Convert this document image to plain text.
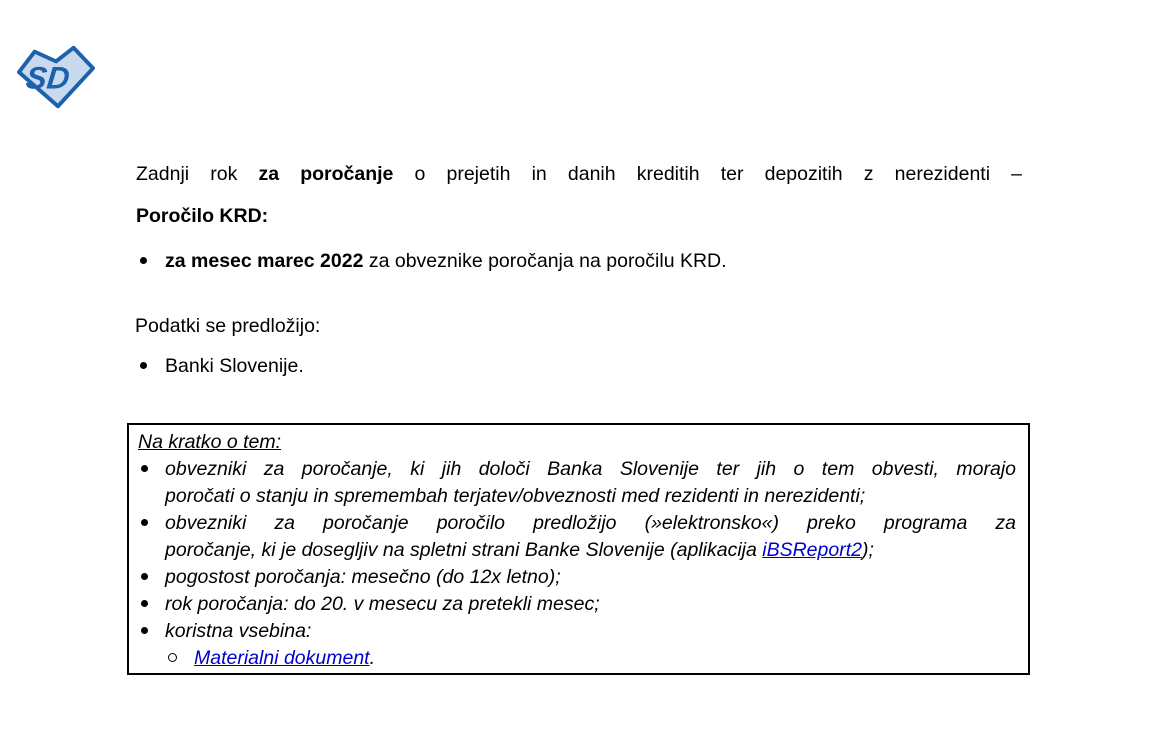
SD
Zadnji rok za poročanje o prejetih in danih kreditih ter depozitih z nerezidenti –
Poročilo KRD:
za mesec marec 2022 za obveznike poročanja na poročilu KRD.
Podatki se predložijo:
Banki Slovenije.
Na kratko o tem:
obvezniki za poročanje, ki jih določi Banka Slovenije ter jih o tem obvesti, morajo
poročati o stanju in spremembah terjatev/obveznosti med rezidenti in nerezidenti;
obvezniki za poročanje poročilo predložijo (»elektronsko«) preko programa za
poročanje, ki je dosegljiv na spletni strani Banke Slovenije (aplikacija iBSReport2);
pogostost poročanja: mesečno (do 12x letno);
rok poročanja: do 20. v mesecu za pretekli mesec;
koristna vsebina:
Materialni dokument.
